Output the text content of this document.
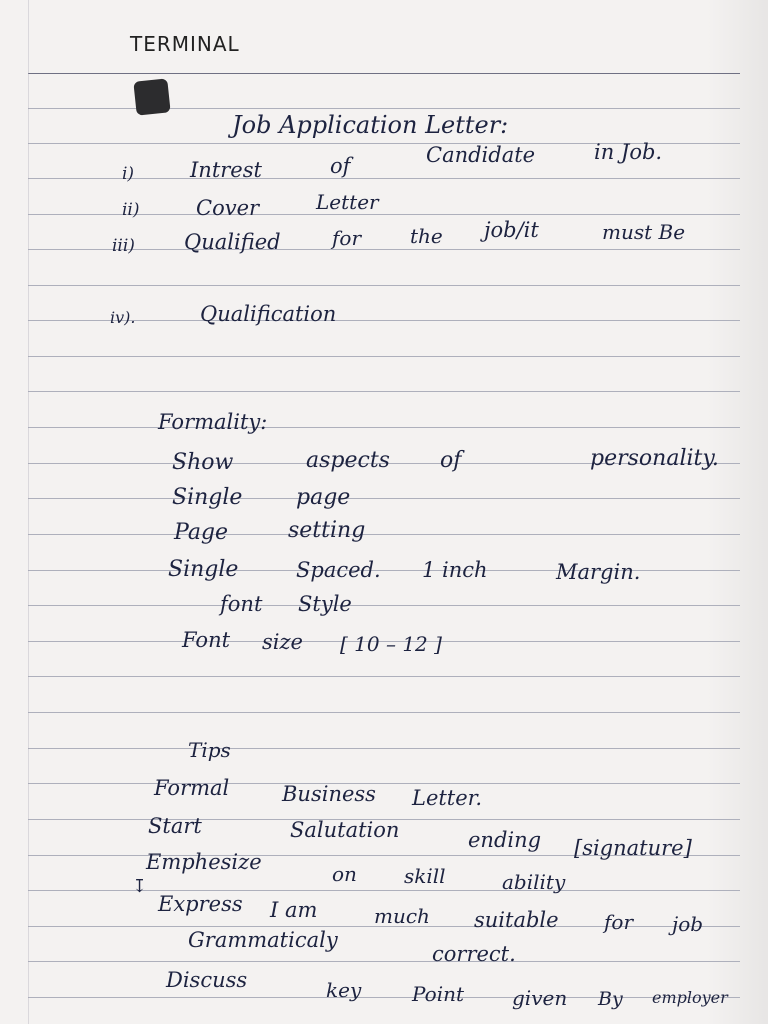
TERMINAL
Job Application Letter:
i)	Intrest	of	Candidate	in Job.
ii)	Cover	Letter
iii) Qualified	for the job/it	must Be
iv).	Qualification
Formality:
Show	aspects of	personality.
Single page
Page	setting
Single	Spaced. 1 inch	Margin.
font Style
Font size [ 10 – 12 ]
Tips
Formal	Business Letter.
Start	Salutation	ending [signature]
Emphesize	on skill	ability
↧
Express I am	much suitable for job
Grammaticaly
correct.
Discuss	key	Point given By employer
